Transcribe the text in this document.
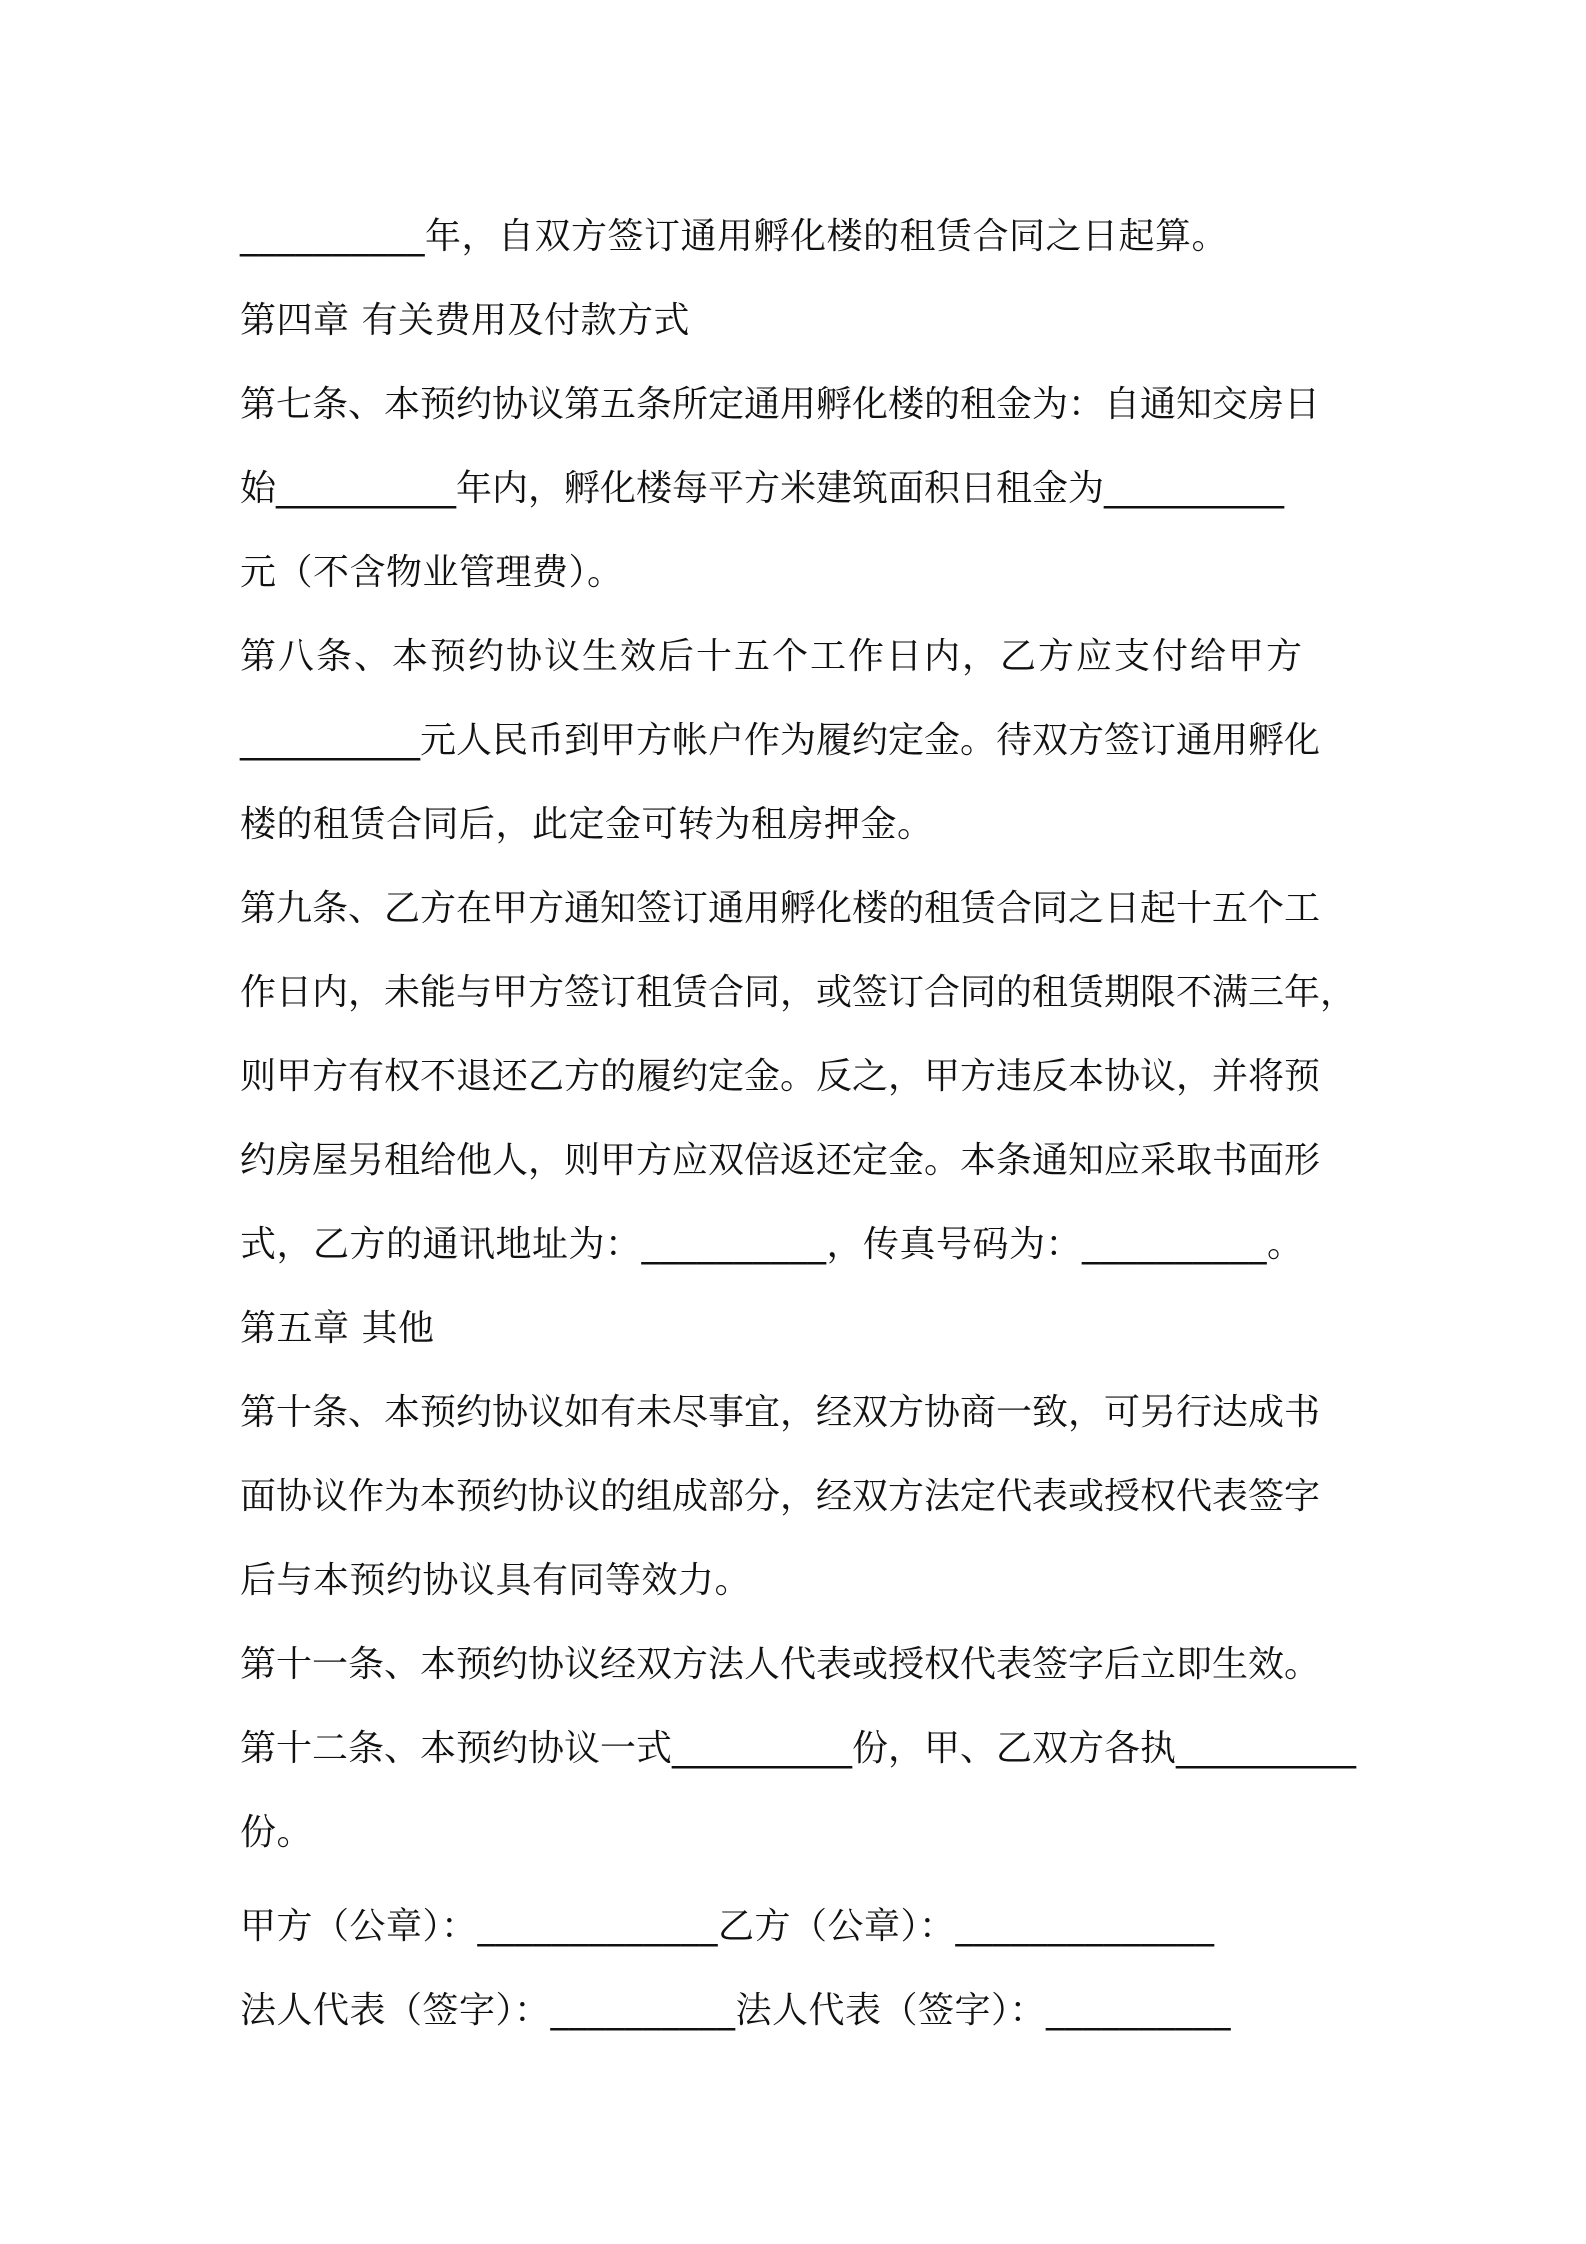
__________年，自双方签订通用孵化楼的租赁合同之日起算。
第四章 有关费用及付款方式
第七条、本预约协议第五条所定通用孵化楼的租金为：自通知交房日
始__________年内，孵化楼每平方米建筑面积日租金为__________
元（不含物业管理费）。
第八条、本预约协议生效后十五个工作日内，乙方应支付给甲方
__________元人民币到甲方帐户作为履约定金。待双方签订通用孵化
楼的租赁合同后，此定金可转为租房押金。
第九条、乙方在甲方通知签订通用孵化楼的租赁合同之日起十五个工
作日内，未能与甲方签订租赁合同，或签订合同的租赁期限不满三年，
则甲方有权不退还乙方的履约定金。反之，甲方违反本协议，并将预
约房屋另租给他人，则甲方应双倍返还定金。本条通知应采取书面形
式，乙方的通讯地址为：__________，传真号码为：__________。
第五章 其他
第十条、本预约协议如有未尽事宜，经双方协商一致，可另行达成书
面协议作为本预约协议的组成部分，经双方法定代表或授权代表签字
后与本预约协议具有同等效力。
第十一条、本预约协议经双方法人代表或授权代表签字后立即生效。
第十二条、本预约协议一式__________份，甲、乙双方各执__________
份。
甲方（公章）：_____________乙方（公章）：______________
法人代表（签字）：__________法人代表（签字）：__________
